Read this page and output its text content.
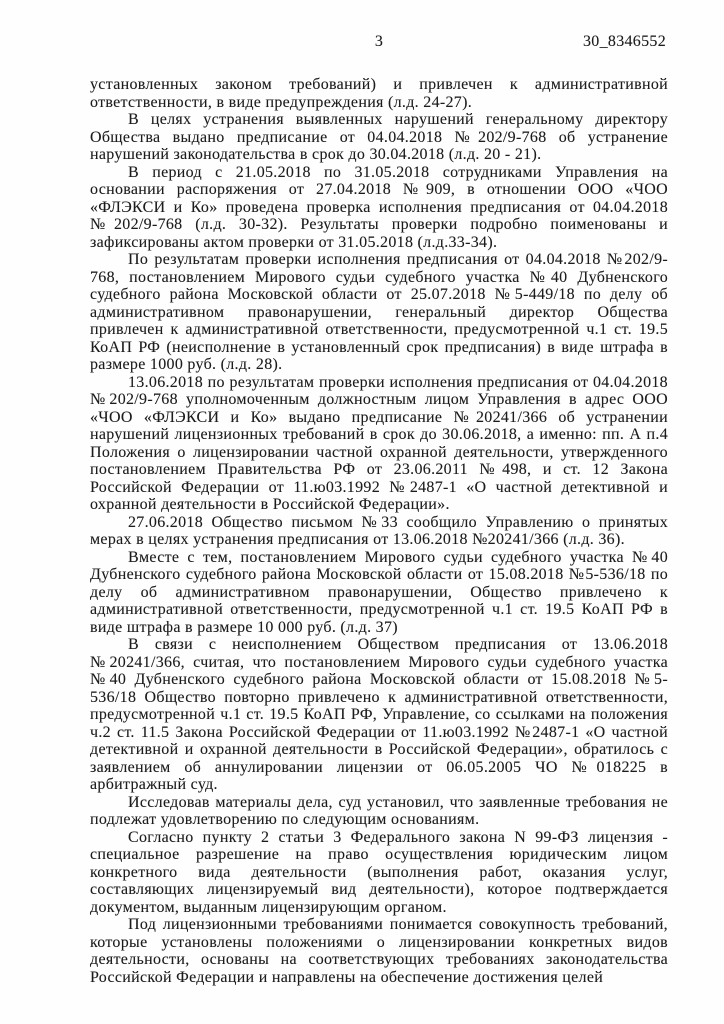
3	30_8346552

установленных законом требований) и привлечен к административной ответственности, в виде предупреждения (л.д. 24-27).

В целях устранения выявленных нарушений генеральному директору Общества выдано предписание от 04.04.2018 №202/9-768 об устранение нарушений законодательства в срок до 30.04.2018 (л.д. 20 - 21).

В период с 21.05.2018 по 31.05.2018 сотрудниками Управления на основании распоряжения от 27.04.2018 №909, в отношении ООО «ЧОО «ФЛЭКСИ и Ко» проведена проверка исполнения предписания от 04.04.2018 №202/9-768 (л.д. 30-32). Результаты проверки подробно поименованы и зафиксированы актом проверки от 31.05.2018 (л.д.33-34).

По результатам проверки исполнения предписания от 04.04.2018 №202/9-768, постановлением Мирового судьи судебного участка №40 Дубненского судебного района Московской области от 25.07.2018 №5-449/18 по делу об административном правонарушении, генеральный директор Общества привлечен к административной ответственности, предусмотренной ч.1 ст. 19.5 КоАП РФ (неисполнение в установленный срок предписания) в виде штрафа в размере 1000 руб. (л.д. 28).

13.06.2018 по результатам проверки исполнения предписания от 04.04.2018 №202/9-768 уполномоченным должностным лицом Управления в адрес ООО «ЧОО «ФЛЭКСИ и Ко» выдано предписание №20241/366 об устранении нарушений лицензионных требований в срок до 30.06.2018, а именно: пп. А п.4 Положения о лицензировании частной охранной деятельности, утвержденного постановлением Правительства РФ от 23.06.2011 №498, и ст. 12 Закона Российской Федерации от 11.ю03.1992 №2487-1 «О частной детективной и охранной деятельности в Российской Федерации».

27.06.2018 Общество письмом №33 сообщило Управлению о принятых мерах в целях устранения предписания от 13.06.2018 №20241/366 (л.д. 36).

Вместе с тем, постановлением Мирового судьи судебного участка №40 Дубненского судебного района Московской области от 15.08.2018 №5-536/18 по делу об административном правонарушении, Общество привлечено к административной ответственности, предусмотренной ч.1 ст. 19.5 КоАП РФ в виде штрафа в размере 10 000 руб. (л.д. 37)

В связи с неисполнением Обществом предписания от 13.06.2018 №20241/366, считая, что постановлением Мирового судьи судебного участка №40 Дубненского судебного района Московской области от 15.08.2018 №5-536/18 Общество повторно привлечено к административной ответственности, предусмотренной ч.1 ст. 19.5 КоАП РФ, Управление, со ссылками на положения ч.2 ст. 11.5 Закона Российской Федерации от 11.ю03.1992 №2487-1 «О частной детективной и охранной деятельности в Российской Федерации», обратилось с заявлением об аннулировании лицензии от 06.05.2005 ЧО №018225 в арбитражный суд.

Исследовав материалы дела, суд установил, что заявленные требования не подлежат удовлетворению по следующим основаниям.

Согласно пункту 2 статьи 3 Федерального закона N 99-ФЗ лицензия - специальное разрешение на право осуществления юридическим лицом конкретного вида деятельности (выполнения работ, оказания услуг, составляющих лицензируемый вид деятельности), которое подтверждается документом, выданным лицензирующим органом.

Под лицензионными требованиями понимается совокупность требований, которые установлены положениями о лицензировании конкретных видов деятельности, основаны на соответствующих требованиях законодательства Российской Федерации и направлены на обеспечение достижения целей
